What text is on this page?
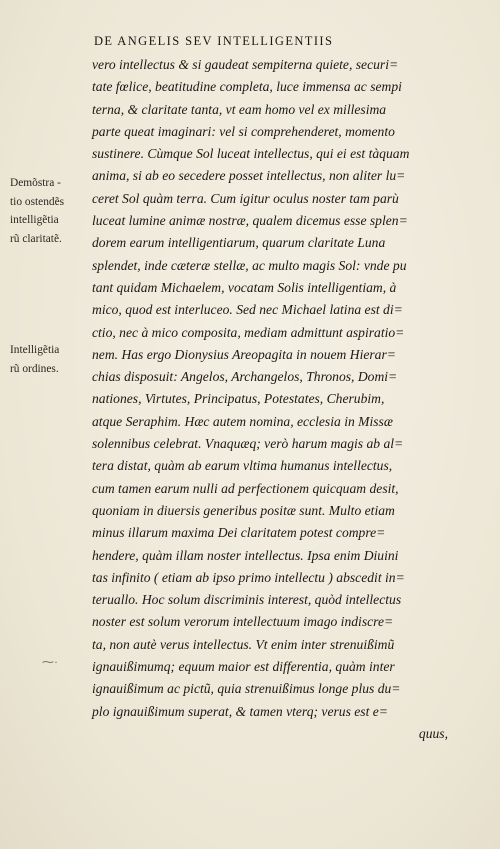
DE ANGELIS SEV INTELLIGENTIIS
vero intellectus & si gaudeat sempiterna quiete, securi=
tate fœlice, beatitudine completa, luce immensa ac sempi
terna, & claritate tanta, vt eam homo vel ex millesima
parte queat imaginari: vel si comprehenderet, momento
sustinere. Cùmque Sol luceat intellectus, qui ei est tàquam
anima, si ab eo secedere posset intellectus, non aliter lu=
ceret Sol quàm terra. Cum igitur oculus noster tam parù
luceat lumine animæ nostræ, qualem dicemus esse splen=
dorem earum intelligentiarum, quarum claritate Luna
splendet, inde cæteræ stellæ, ac multo magis Sol: vnde pu
tant quidam Michaelem, vocatam Solis intelligentiam, à
mico, quod est interluceo. Sed nec Michael latina est di=
ctio, nec à mico composita, mediam admittunt aspiratio=
nem. Has ergo Dionysius Areopagita in nouem Hierar=
chias disposuit: Angelos, Archangelos, Thronos, Domi=
nationes, Virtutes, Principatus, Potestates, Cherubim,
atque Seraphim. Hæc autem nomina, ecclesia in Missæ
solennibus celebrat. Vnaquæq; verò harum magis ab al=
tera distat, quàm ab earum vltima humanus intellectus,
cum tamen earum nulli ad perfectionem quicquam desit,
quoniam in diuersis generibus positæ sunt. Multo etiam
minus illarum maxima Dei claritatem potest compre=
hendere, quàm illam noster intellectus. Ipsa enim Diuini
tas infinito ( etiam ab ipso primo intellectu ) abscedit in=
teruallo. Hoc solum discriminis interest, quòd intellectus
noster est solum verorum intellectuum imago indiscre=
ta, non autè verus intellectus. Vt enim inter strenuißimũ
ignauißimumq; equum maior est differentia, quàm inter
ignauißimum ac pictũ, quia strenuißimus longe plus du=
plo ignauißimum superat, & tamen vterq; verus est e=
quus,
Demõstra -
tio ostendẽs
intelligẽtia
rũ claritatẽ.
Intelligẽtia
rũ ordines.
⁓·
